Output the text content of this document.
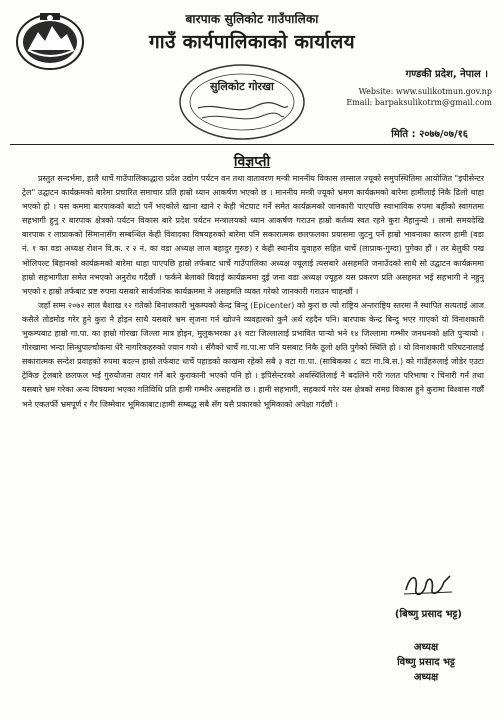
बारपाक सुलिकोट गाउँपालिका
गाउँ कार्यपालिकाको कार्यालय
गण्डकी प्रदेश, नेपाल ।
Website: www.sulikotmun.gov.np
Email: barpaksulikotrm@gmail.com
सुलिकोट गोरखा
मिति : २०७७/०७/१६
विज्ञप्ती

प्रस्तुत सन्दर्भमा, हालै धार्चे गाउँपालिकाद्धारा प्रदेश उद्योग पर्यटन वन तथा वातावरण मन्त्री माननीय विकास लम्साल ज्यूको समुपस्थितिमा आयोजित "इपीसेन्टर ट्रेल" उद्घाटन कार्यक्रमको बारेमा प्रचारित समाचार प्रति हाम्रो ध्यान आकर्षण भएको छ । माननीय मन्त्री ज्यूको भ्रमण कार्यक्रमको बारेमा हामीलाई निकै ढिलो थाहा भएको हो । यस कममा बारपाकको बाटो पर्ने भएकोले खाना खाने र केही भेटघाट गर्ने समेत कार्यक्रमको जानकारी पाएपछि स्वाभाविक रुपमा बर्हीको स्वागतमा सहभागी हुनु र बारपाक क्षेत्रको पर्यटन विकास बारे प्रदेश पर्यटन मन्त्रालयको ध्यान आकर्षण गराउन हाम्रो कर्तव्य स्वत रहने कुरा मैहानुन्यो । लामो समयदेखि बारपाक र लाप्राकको सिमानासँग सम्बन्धित केही विवादका विषयहरुको बारेमा पनि सकारात्मक छलफलका प्रयासमा जुटनु पर्ने हाम्रो भावनाका कारण हामी (वडा नं. १ का वडा अध्यक्ष रोशन वि.क. र २ नं. का वडा अध्यक्ष लाल बहादुर गुरुङ) र केही स्थानीय युवाहरु सहित धार्चे (लाप्राक-गुम्दा) पुगेका हौं । तर बेलुकी पख भोलिपल्ट बिहानको कार्यक्रमको बारेमा थाहा पाएपछि हाम्रो तर्फबाट धार्चे गाउँपालिका अध्यक्ष ज्यूलाई त्यसबारे असहमति जनाउँदको साथै सो उद्घाटन कार्यक्रममा हाम्रो सहभागीता समेत नभएको अनुरोध गर्दैछौं । फर्कने बेलाको बिदाई कार्यक्रममा दुई जना वडा अध्यक्ष ज्यूहरु यस प्रकरण प्रति असहमत भई सहभागी ने नहुनु भएको र हाम्रो तर्फबाट प्रष्ट रुपमा यसबारे सार्वजनिक कार्यक्रममा ने असहमति व्यक्त गरेको जानकारी गराउन चाहन्छौं ।

जहाँ सम्म २०७२ साल बैशाख १२ गतेको बिनाशकारी भुकम्पको केन्द्र बिन्दु (Epicenter) को कुरा छ त्यो राष्ट्रिय अन्तराष्ट्रिय स्तरमा नै स्थापित सत्यताई आज कसैले तोडमोड गरेर हुने कुरा नै होइन साथै यसबारे भ्रम सृजना गर्न खोज्ने व्यवहारको कुनै अर्थ रहदैन पनि। बारपाक केन्द्र बिन्दु भएर गाएको यो विनाशकारी भुकम्पबाट हाम्रो गा.पा. का हाम्रो गोरखा जिल्ला मात्र होइन, मुलुकभरका ३१ वटा जिल्लालाई प्रभावित पाऱ्यो भने १४ जिल्लामा गम्भीर जनधनको क्षति पुऱ्यायो । गोरखामा भन्दा सिन्धुपाल्चोकमा धेरै नागरिकहरुको ज्यान गयो । सँगैको धार्चे गा.पा.मा पनि यसबाट निकै ठूलो क्षति पुगेको स्थिति हो । यो विनाशकारी परिघटनालाई सकारात्मक सन्देश प्रवाहको रुपमा बदल्न हाम्रो तर्फबाट धार्चे पहाडको काखमा रहेको सबै ३ वटा गा.पा. (साबिकका ८ वटा गा.बि.स.) को गाउँहरुलाई जोडेर एउटा ट्रेकिङ ट्रेलबारे छलफल भई गुरुयोजना तयार गर्ने बारे कुराकानी भएको पनि हो । इपिसेन्टरको अवस्थितिलाई नै बदलिने गरी गलत परिभाषा र चिनारी गर्न तथा यसबारे भ्रम गरेका अन्य विषयमा भएका गतिविधि प्रति हामी गम्भीर असहमति छ । हामी सहभागी, सहकार्य गरेर यस क्षेत्रको समग्र विकास हुने कुरामा विश्वास गर्छौं भने एकतर्फी भ्रमपूर्ण र गैर जिम्मेवार भूमिकाबाट।हामी सम्बद्ध सबै सँग यसै प्रकारको भूमिकाको अपेक्षा गर्दछौं ।

(बिष्णु प्रसाद भट्ट)
अध्यक्ष
विष्णु प्रसाद भट्ट
अध्यक्ष
